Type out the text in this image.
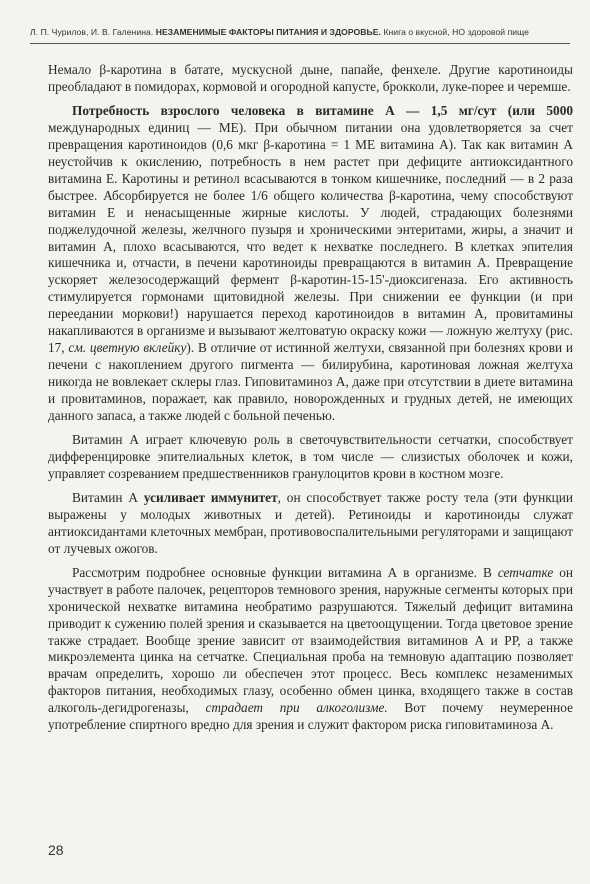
Л. П. Чурилов, И. В. Галенина. НЕЗАМЕНИМЫЕ ФАКТОРЫ ПИТАНИЯ И ЗДОРОВЬЕ. Книга о вкусной, НО здоровой пище

Немало β-каротина в батате, мускусной дыне, папайе, фенхеле. Другие каротиноиды преобладают в помидорах, кормовой и огородной капусте, брокколи, луке-порее и черемше.

Потребность взрослого человека в витамине А — 1,5 мг/сут (или 5000 международных единиц — МЕ). При обычном питании она удовлетворяется за счет превращения каротиноидов (0,6 мкг β-каротина = 1 МЕ витамина А). Так как витамин А неустойчив к окислению, потребность в нем растет при дефиците антиоксидантного витамина Е. Каротины и ретинол всасываются в тонком кишечнике, последний — в 2 раза быстрее. Абсорбируется не более 1/6 общего количества β-каротина, чему способствуют витамин Е и ненасыщенные жирные кислоты. У людей, страдающих болезнями поджелудочной железы, желчного пузыря и хроническими энтеритами, жиры, а значит и витамин А, плохо всасываются, что ведет к нехватке последнего. В клетках эпителия кишечника и, отчасти, в печени каротиноиды превращаются в витамин А. Превращение ускоряет железосодержащий фермент β-каротин-15-15'-диоксигеназа. Его активность стимулируется гормонами щитовидной железы. При снижении ее функции (и при переедании моркови!) нарушается переход каротиноидов в витамин А, провитамины накапливаются в организме и вызывают желтоватую окраску кожи — ложную желтуху (рис. 17, см. цветную вклейку). В отличие от истинной желтухи, связанной при болезнях крови и печени с накоплением другого пигмента — билирубина, каротиновая ложная желтуха никогда не вовлекает склеры глаз. Гиповитаминоз А, даже при отсутствии в диете витамина и провитаминов, поражает, как правило, новорожденных и грудных детей, не имеющих данного запаса, а также людей с больной печенью.

Витамин А играет ключевую роль в светочувствительности сетчатки, способствует дифференцировке эпителиальных клеток, в том числе — слизистых оболочек и кожи, управляет созреванием предшественников гранулоцитов крови в костном мозге.

Витамин А усиливает иммунитет, он способствует также росту тела (эти функции выражены у молодых животных и детей). Ретиноиды и каротиноиды служат антиоксидантами клеточных мембран, противовоспалительными регуляторами и защищают от лучевых ожогов.

Рассмотрим подробнее основные функции витамина А в организме. В сетчатке он участвует в работе палочек, рецепторов темнового зрения, наружные сегменты которых при хронической нехватке витамина необратимо разрушаются. Тяжелый дефицит витамина приводит к сужению полей зрения и сказывается на цветоощущении. Тогда цветовое зрение также страдает. Вообще зрение зависит от взаимодействия витаминов А и РР, а также микроэлемента цинка на сетчатке. Специальная проба на темновую адаптацию позволяет врачам определить, хорошо ли обеспечен этот процесс. Весь комплекс незаменимых факторов питания, необходимых глазу, особенно обмен цинка, входящего также в состав алкоголь-дегидрогеназы, страдает при алкоголизме. Вот почему неумеренное употребление спиртного вредно для зрения и служит фактором риска гиповитаминоза А.

28
